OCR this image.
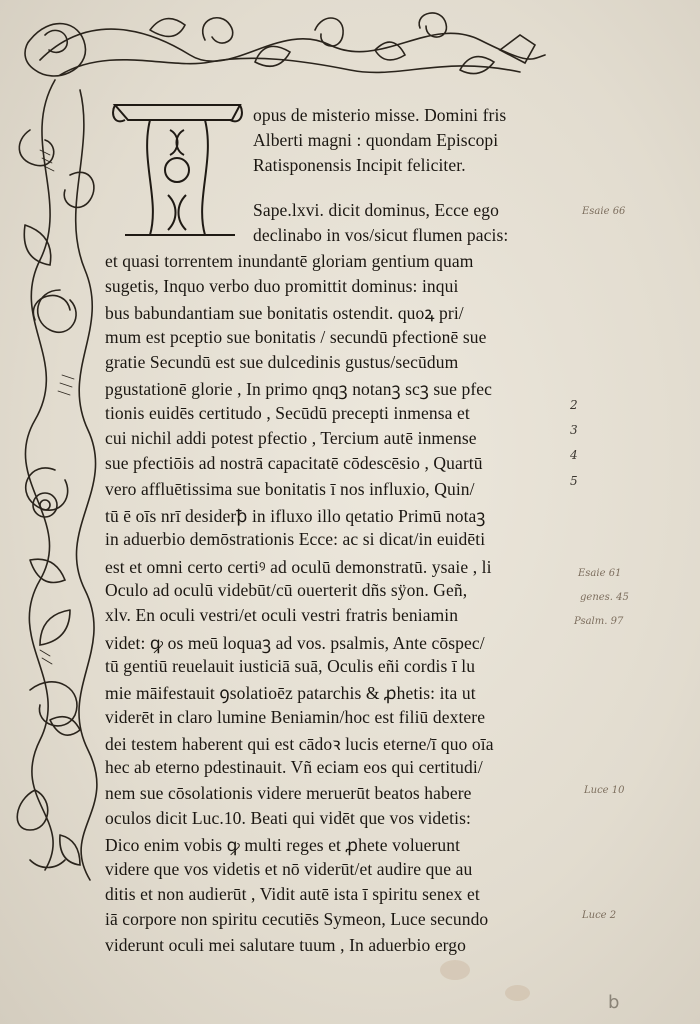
opus de misterio misse. Domini fris
Alberti magni : quondam Episcopi
Ratisponensis Incipit feliciter.
Sape.lxvi. dicit dominus, Ecce ego
declinabo in vos/sicut flumen pacis:
et quasi torrentem inundantē gloriam gentium quam
sugetis, Inquo verbo duo promittit dominus: inqui
bus babundantiam sue bonitatis ostendit. quoꝝ pri/
mum est pceptio sue bonitatis / secundū pfectionē sue
gratie Secundū est sue dulcedinis gustus/secūdum
pgustationē glorie , In primo qnqꝫ notanꝫ scꝫ sue pfec
tionis euidēs certitudo , Secūdū precepti inmensa et
cui nichil addi potest pfectio , Tercium autē inmense
sue pfectiōis ad nostrā capacitatē cōdescēsio , Quartū
vero affluētissima sue bonitatis ī nos influxio, Quin/
tū ē oīs nrī desiderꝥ in ifluxo illo qetatio Primū notaꝫ
in aduerbio demōstrationis Ecce: ac si dicat/in euidēti
est et omni certo certiꝰ ad oculū demonstratū. ysaie , li
Oculo ad oculū videbūt/cū ouerterit dñs sÿon. Geñ,
xlv. En oculi vestri/et oculi vestri fratris beniamin
videt: ꝙ os meū loquaꝫ ad vos. psalmis, Ante cōspec/
tū gentiū reuelauit iusticiā suā, Oculis eñi cordis ī lu
mie māifestauit ꝯsolatioēz patarchis & ꝓhetis: ita ut
viderēt in claro lumine Beniamin/hoc est filiū dextere
dei testem haberent qui est cādoꝛ lucis eterne/ī quo oīa
hec ab eterno pdestinauit. Vñ eciam eos qui certitudi/
nem sue cōsolationis videre meruerūt beatos habere
oculos dicit Luc.10. Beati qui vidēt que vos videtis:
Dico enim vobis ꝙ multi reges et ꝓhete voluerunt
videre que vos videtis et nō viderūt/et audire que au
ditis et non audierūt , Vidit autē ista ī spiritu senex et
iā corpore non spiritu cecutiēs Symeon, Luce secundo
viderunt oculi mei salutare tuum , In aduerbio ergo
2
3
4
5
Esaie 66
Esaie 61
genes. 45
Psalm. 97
Luce 10
Luce 2
b
